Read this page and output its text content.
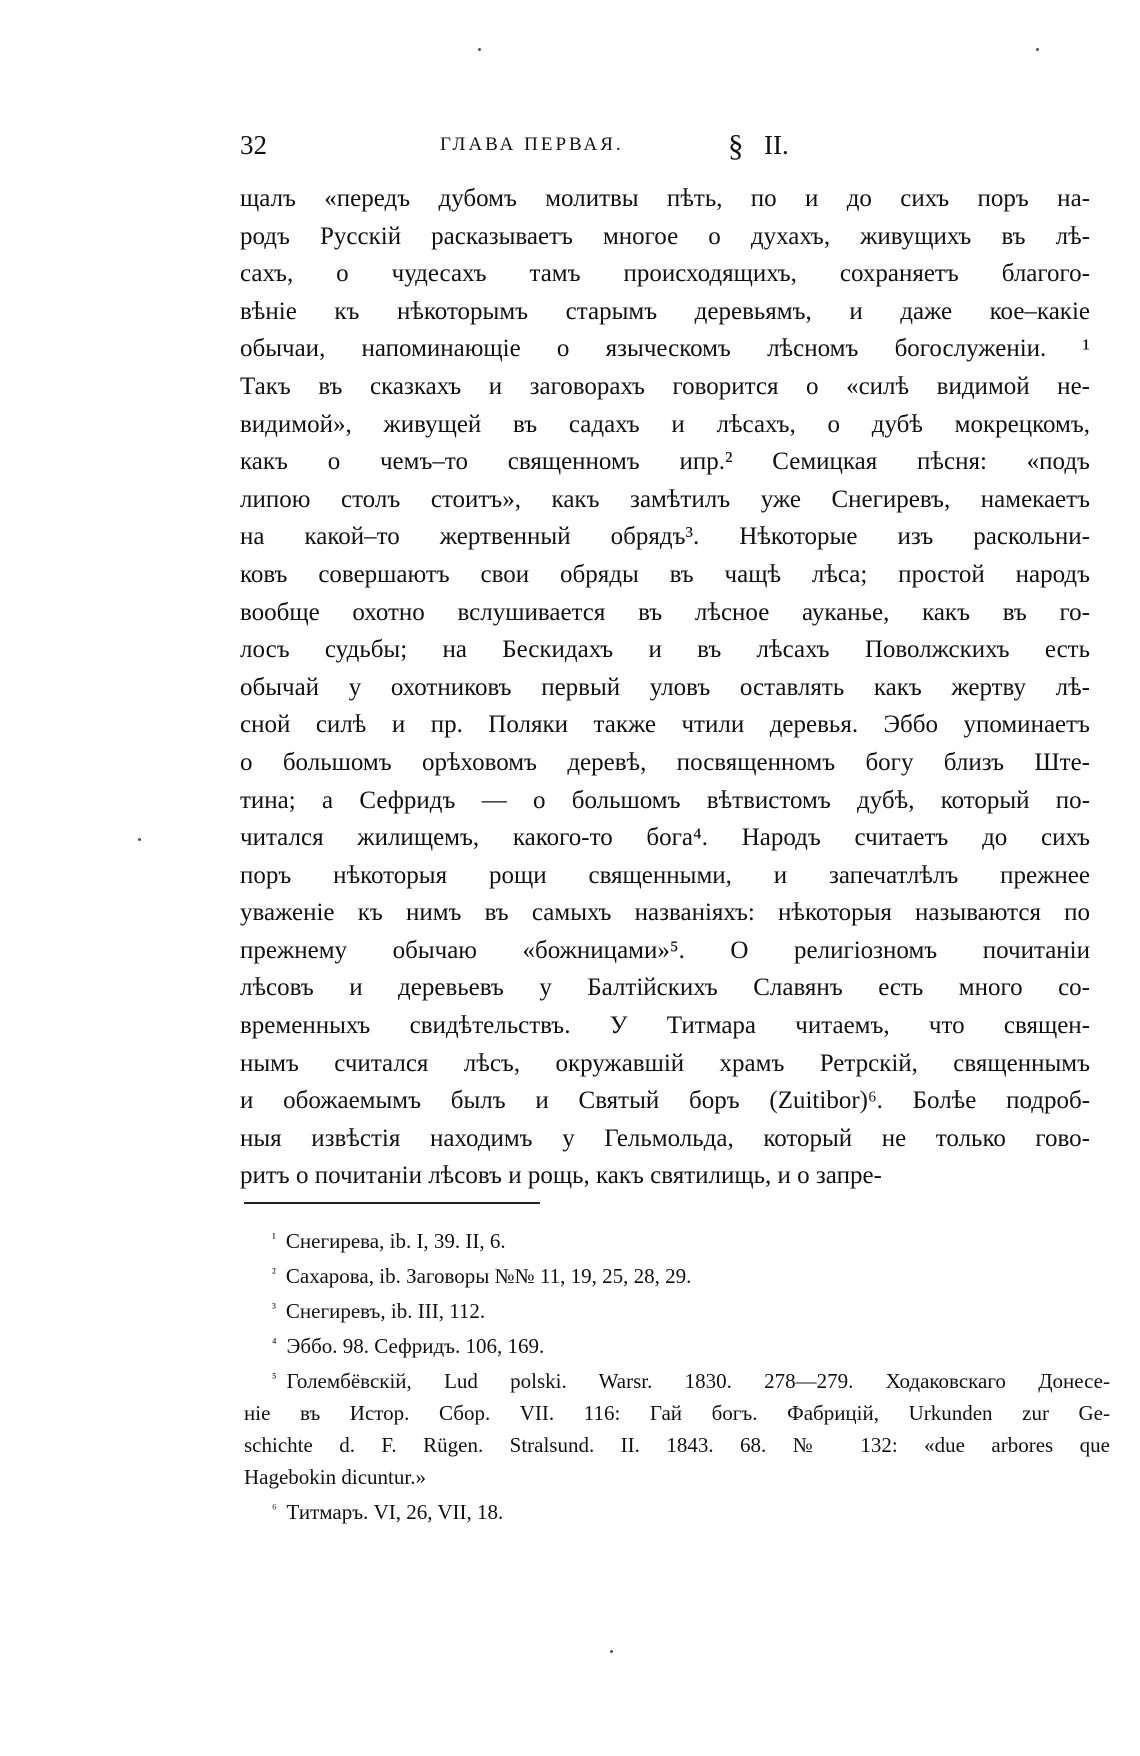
32	ГЛАВА ПЕРВАЯ.	§ II.
щалъ «передъ дубомъ молитвы пѣть, по и до сихъ поръ на-
родъ Русскій расказываетъ многое о духахъ, живущихъ въ лѣ-
сахъ, о чудесахъ тамъ происходящихъ, сохраняетъ благого-
вѣніе къ нѣкоторымъ старымъ деревьямъ, и даже кое–какіе
обычаи, напоминающіе о языческомъ лѣсномъ богослуженіи. ¹
Такъ въ сказкахъ и заговорахъ говорится о «силѣ видимой не-
видимой», живущей въ садахъ и лѣсахъ, о дубѣ мокрецкомъ,
какъ о чемъ–то священномъ ипр.² Семицкая пѣсня: «подъ
липою столъ стоитъ», какъ замѣтилъ уже Снегиревъ, намекаетъ
на какой–то жертвенный обрядъ³. Нѣкоторые изъ раскольни-
ковъ совершаютъ свои обряды въ чащѣ лѣса; простой народъ
вообще охотно вслушивается въ лѣсное ауканье, какъ въ го-
лосъ судьбы; на Бескидахъ и въ лѣсахъ Поволжскихъ есть
обычай у охотниковъ первый уловъ оставлять какъ жертву лѣ-
сной силѣ и пр. Поляки также чтили деревья. Эббо упоминаетъ
о большомъ орѣховомъ деревѣ, посвященномъ богу близъ Ште-
тина; а Сефридъ — о большомъ вѣтвистомъ дубѣ, который по-
читался жилищемъ, какого-то бога⁴. Народъ считаетъ до сихъ
поръ нѣкоторыя рощи священными, и запечатлѣлъ прежнее
уваженіе къ нимъ въ самыхъ названіяхъ: нѣкоторыя называются по
прежнему обычаю «божницами»⁵. О религіозномъ почитаніи
лѣсовъ и деревьевъ у Балтійскихъ Славянъ есть много со-
временныхъ свидѣтельствъ. У Титмара читаемъ, что священ-
нымъ считался лѣсъ, окружавшій храмъ Ретрскій, священнымъ
и обожаемымъ былъ и Святый боръ (Zuitibor)⁶. Болѣе подроб-
ныя извѣстія находимъ у Гельмольда, который не только гово-
ритъ о почитаніи лѣсовъ и рощь, какъ святилищь, и о запре-
$^{^1}$ Снегирева, ib. I, 39. II, 6.
$^{^2}$ Сахарова, ib. Заговоры №№ 11, 19, 25, 28, 29.
$^{^3}$ Снегиревъ, ib. III, 112.
$^{^4}$ Эббо. 98. Сефридъ. 106, 169.
$^{^5}$ Голембёвскій, Lud polski. Warsr. 1830. 278—279. Ходаковскаго Донесе-
ніе въ Истор. Сбор. VII. 116: Гай богъ. Фабрицій, Urkunden zur Ge-
schichte d. F. Rügen. Stralsund. II. 1843. 68. № 132: «due arbores que
Hagebokin dicuntur.»
$^{^6}$ Титмаръ. VI, 26, VII, 18.
